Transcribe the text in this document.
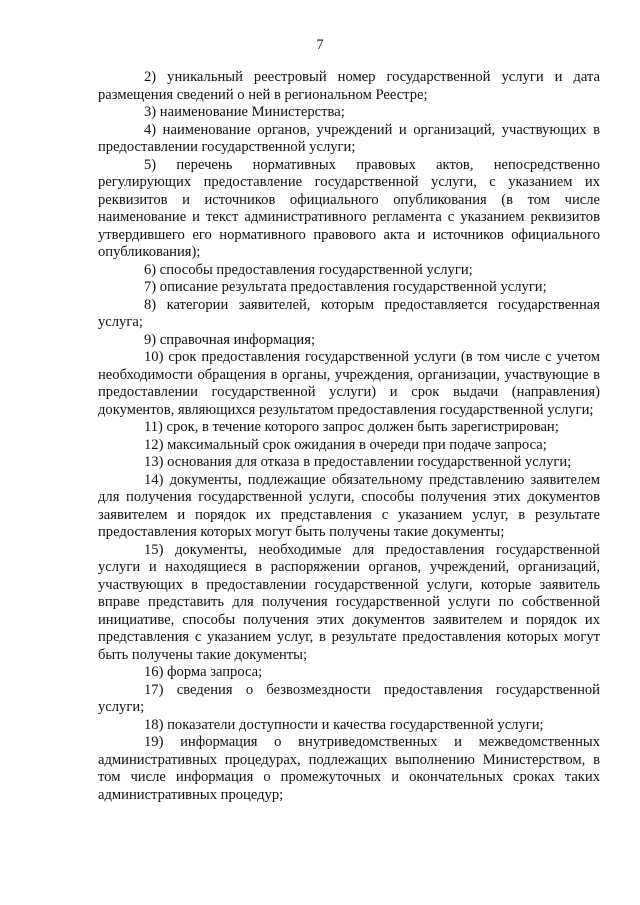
7

2) уникальный реестровый номер государственной услуги и дата размещения сведений о ней в региональном Реестре;

3) наименование Министерства;

4) наименование органов, учреждений и организаций, участвующих в предоставлении государственной услуги;

5) перечень нормативных правовых актов, непосредственно регулирующих предоставление государственной услуги, с указанием их реквизитов и источников официального опубликования (в том числе наименование и текст административного регламента с указанием реквизитов утвердившего его нормативного правового акта и источников официального опубликования);

6) способы предоставления государственной услуги;

7) описание результата предоставления государственной услуги;

8) категории заявителей, которым предоставляется государственная услуга;

9) справочная информация;

10) срок предоставления государственной услуги (в том числе с учетом необходимости обращения в органы, учреждения, организации, участвующие в предоставлении государственной услуги) и срок выдачи (направления) документов, являющихся результатом предоставления государственной услуги;

11) срок, в течение которого запрос должен быть зарегистрирован;

12) максимальный срок ожидания в очереди при подаче запроса;

13) основания для отказа в предоставлении государственной услуги;

14) документы, подлежащие обязательному представлению заявителем для получения государственной услуги, способы получения этих документов заявителем и порядок их представления с указанием услуг, в результате предоставления которых могут быть получены такие документы;

15) документы, необходимые для предоставления государственной услуги и находящиеся в распоряжении органов, учреждений, организаций, участвующих в предоставлении государственной услуги, которые заявитель вправе представить для получения государственной услуги по собственной инициативе, способы получения этих документов заявителем и порядок их представления с указанием услуг, в результате предоставления которых могут быть получены такие документы;

16) форма запроса;

17) сведения о безвозмездности предоставления государственной услуги;

18) показатели доступности и качества государственной услуги;

19) информация о внутриведомственных и межведомственных административных процедурах, подлежащих выполнению Министерством, в том числе информация о промежуточных и окончательных сроках таких административных процедур;
